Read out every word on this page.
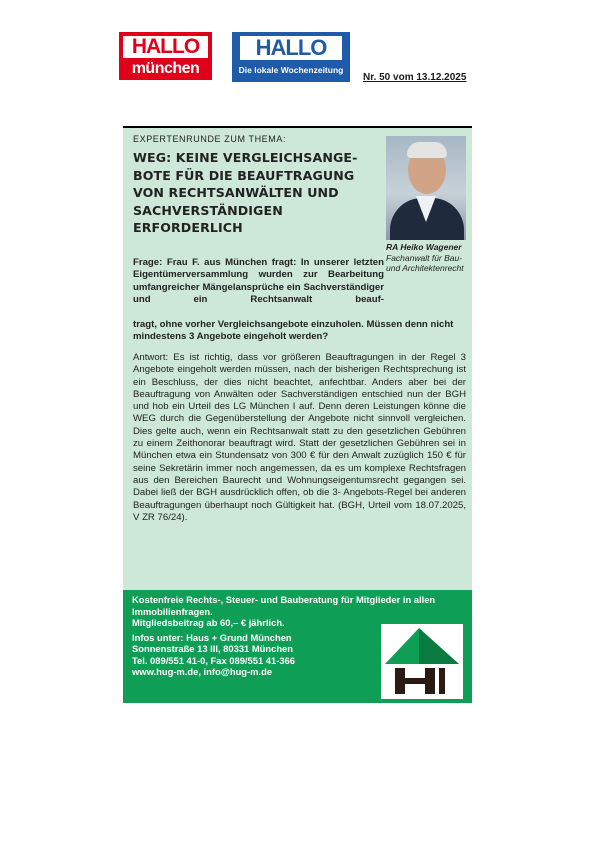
HALLO
münchen
HALLO
Die lokale Wochenzeitung
Nr. 50 vom 13.12.2025
EXPERTENRUNDE ZUM THEMA:
WEG: KEINE VERGLEICHSANGE-BOTE FÜR DIE BEAUFTRAGUNG VON RECHTSANWÄLTEN UND SACHVERSTÄNDIGEN ERFORDERLICH
RA Heiko Wagener
Fachanwalt für Bau-und Architektenrecht
Frage: Frau F. aus München fragt: In unserer letzten Eigentümerversammlung wurden zur Bearbeitung umfangreicher Mängelansprüche ein Sachverständiger und ein Rechtsanwalt beauf-
tragt, ohne vorher Vergleichsangebote einzuholen. Müssen denn nicht mindestens 3 Angebote eingeholt werden?
Antwort: Es ist richtig, dass vor größeren Beauftragungen in der Regel 3 Angebote eingeholt werden müssen, nach der bisherigen Rechtsprechung ist ein Beschluss, der dies nicht beachtet, anfechtbar. Anders aber bei der Beauftragung von Anwälten oder Sachverständigen entschied nun der BGH und hob ein Urteil des LG München I auf. Denn deren Leistungen könne die WEG durch die Gegenüberstellung der Angebote nicht sinnvoll vergleichen. Dies gelte auch, wenn ein Rechtsanwalt statt zu den gesetzlichen Gebühren zu einem Zeithonorar beauftragt wird. Statt der gesetzlichen Gebühren sei in München etwa ein Stundensatz von 300 € für den Anwalt zuzüglich 150 € für seine Sekretärin immer noch angemessen, da es um komplexe Rechtsfragen aus den Bereichen Baurecht und Wohnungseigentumsrecht gegangen sei. Dabei ließ der BGH ausdrücklich offen, ob die 3- Angebots-Regel bei anderen Beauftragungen überhaupt noch Gültigkeit hat. (BGH, Urteil vom 18.07.2025, V ZR 76/24).
Kostenfreie Rechts-, Steuer- und Bauberatung für Mitglieder in allen Immobilienfragen.
Mitgliedsbeitrag ab 60,– € jährlich.
Infos unter: Haus + Grund München
Sonnenstraße 13 III, 80331 München
Tel. 089/551 41-0, Fax 089/551 41-366
www.hug-m.de, info@hug-m.de
